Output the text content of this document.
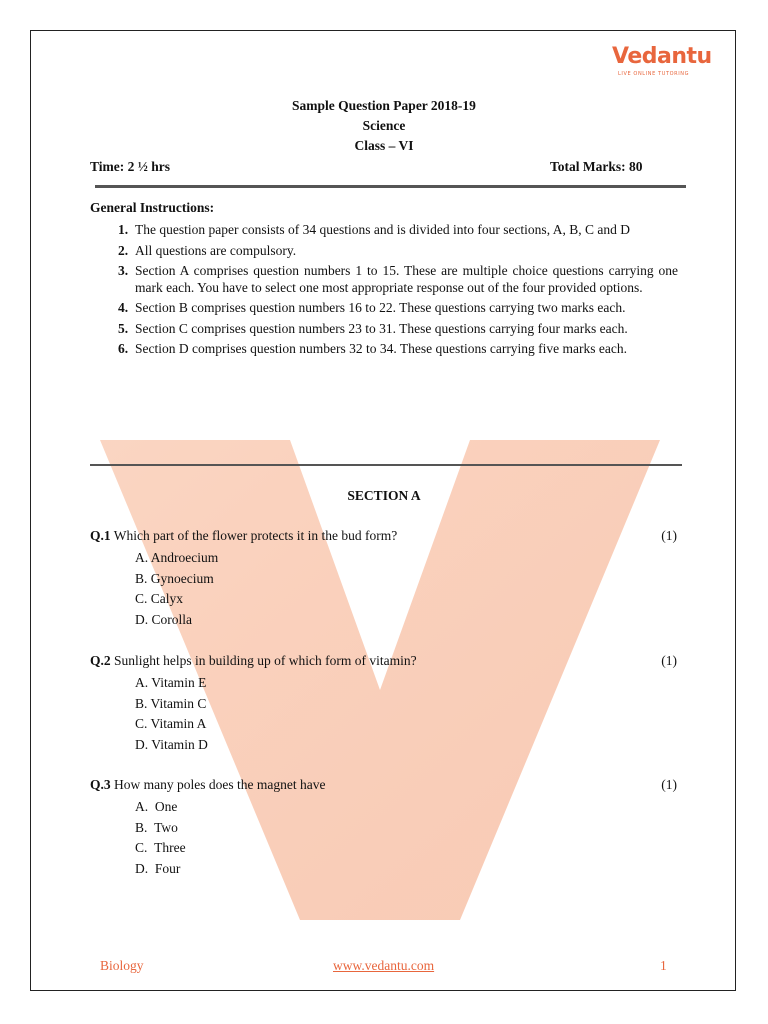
Vedantu
LIVE ONLINE TUTORING
Sample Question Paper 2018-19
Science
Class – VI
Time: 2 ½ hrs	Total Marks: 80
General Instructions:
1. The question paper consists of 34 questions and is divided into four sections, A, B, C and D
2. All questions are compulsory.
3. Section A comprises question numbers 1 to 15. These are multiple choice questions carrying one mark each. You have to select one most appropriate response out of the four provided options.
4. Section B comprises question numbers 16 to 22. These questions carrying two marks each.
5. Section C comprises question numbers 23 to 31. These questions carrying four marks each.
6. Section D comprises question numbers 32 to 34. These questions carrying five marks each.
SECTION A
Q.1 Which part of the flower protects it in the bud form?	(1)
A. Androecium
B. Gynoecium
C. Calyx
D. Corolla
Q.2 Sunlight helps in building up of which form of vitamin?	(1)
A. Vitamin E
B. Vitamin C
C. Vitamin A
D. Vitamin D
Q.3 How many poles does the magnet have	(1)
A.  One
B.  Two
C.  Three
D.  Four
Biology	www.vedantu.com	1
